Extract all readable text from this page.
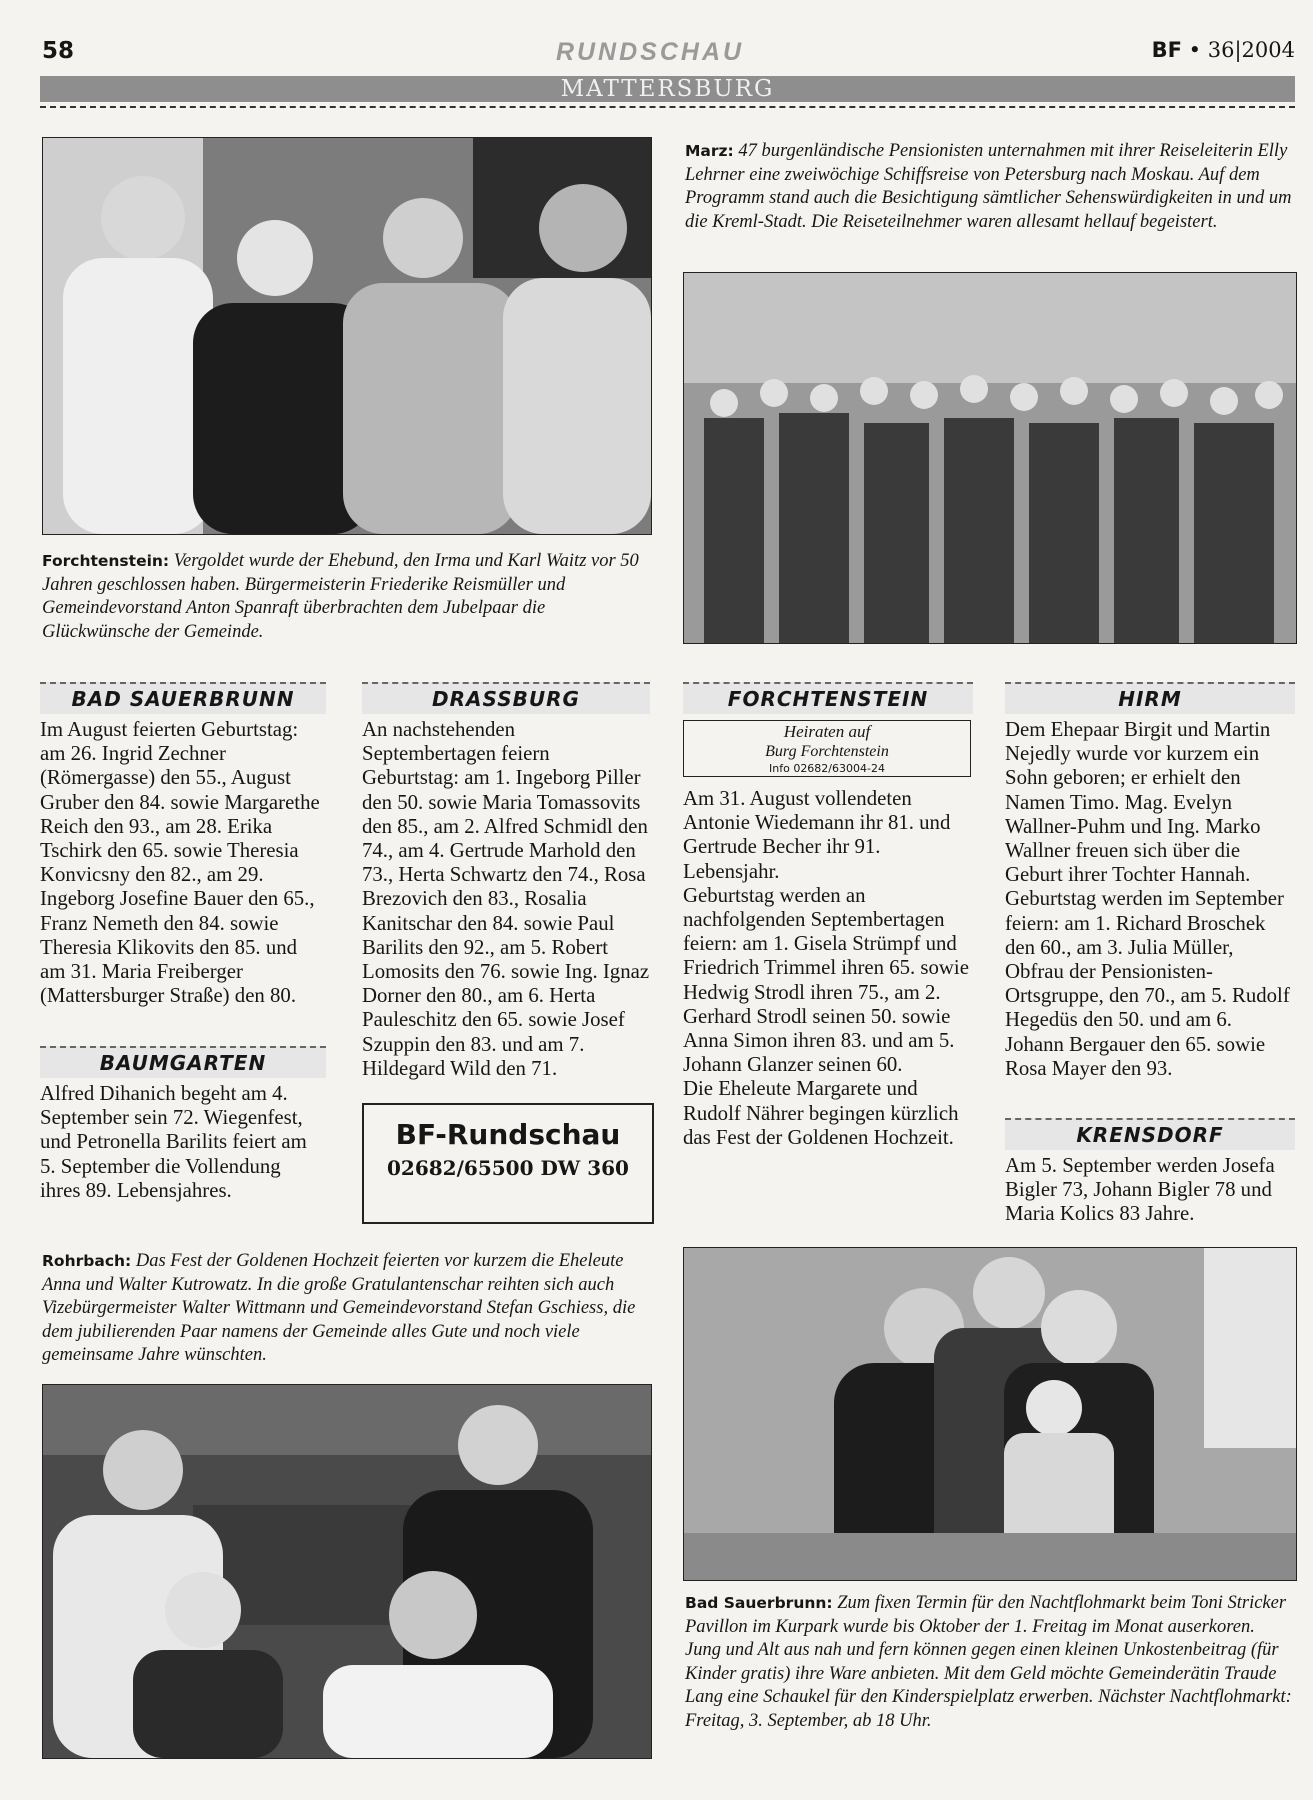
58	RUNDSCHAU	BF • 36|2004
MATTERSBURG
Forchtenstein: Vergoldet wurde der Ehebund, den Irma und Karl Waitz vor 50 Jahren geschlossen haben. Bürgermeisterin Friederike Reismüller und Gemeindevorstand Anton Spanraft überbrachten dem Jubelpaar die Glückwünsche der Gemeinde.
Marz: 47 burgenländische Pensionisten unternahmen mit ihrer Reiseleiterin Elly Lehrner eine zweiwöchige Schiffsreise von Petersburg nach Moskau. Auf dem Programm stand auch die Besichtigung sämtlicher Sehenswürdigkeiten in und um die Kreml-Stadt. Die Reiseteilnehmer waren allesamt hellauf begeistert.
BAD SAUERBRUNN

Im August feierten Geburtstag: am 26. Ingrid Zechner (Römergasse) den 55., August Gruber den 84. sowie Margarethe Reich den 93., am 28. Erika Tschirk den 65. sowie Theresia Konvicsny den 82., am 29. Ingeborg Josefine Bauer den 65., Franz Nemeth den 84. sowie Theresia Klikovits den 85. und am 31. Maria Freiberger (Mattersburger Straße) den 80.

BAUMGARTEN

Alfred Dihanich begeht am 4. September sein 72. Wiegenfest, und Petronella Barilits feiert am 5. September die Vollendung ihres 89. Lebensjahres.

DRASSBURG

An nachstehenden Septembertagen feiern Geburtstag: am 1. Ingeborg Piller den 50. sowie Maria Tomassovits den 85., am 2. Alfred Schmidl den 74., am 4. Gertrude Marhold den 73., Herta Schwartz den 74., Rosa Brezovich den 83., Rosalia Kanitschar den 84. sowie Paul Barilits den 92., am 5. Robert Lomosits den 76. sowie Ing. Ignaz Dorner den 80., am 6. Herta Pauleschitz den 65. sowie Josef Szuppin den 83. und am 7. Hildegard Wild den 71.

BF-Rundschau
02682/65500 DW 360
FORCHTENSTEIN
Heiraten auf
Burg Forchtenstein
Info 02682/63004-24

Am 31. August vollendeten Antonie Wiedemann ihr 81. und Gertrude Becher ihr 91. Lebensjahr.

Geburtstag werden an nachfolgenden Septembertagen feiern: am 1. Gisela Strümpf und Friedrich Trimmel ihren 65. sowie Hedwig Strodl ihren 75., am 2. Gerhard Strodl seinen 50. sowie Anna Simon ihren 83. und am 5. Johann Glanzer seinen 60.

Die Eheleute Margarete und Rudolf Nährer begingen kürzlich das Fest der Goldenen Hochzeit.

HIRM

Dem Ehepaar Birgit und Martin Nejedly wurde vor kurzem ein Sohn geboren; er erhielt den Namen Timo. Mag. Evelyn Wallner-Puhm und Ing. Marko Wallner freuen sich über die Geburt ihrer Tochter Hannah.

Geburtstag werden im September feiern: am 1. Richard Broschek den 60., am 3. Julia Müller, Obfrau der Pensionisten-Ortsgruppe, den 70., am 5. Rudolf Hegedüs den 50. und am 6. Johann Bergauer den 65. sowie Rosa Mayer den 93.

KRENSDORF

Am 5. September werden Josefa Bigler 73, Johann Bigler 78 und Maria Kolics 83 Jahre.

Rohrbach: Das Fest der Goldenen Hochzeit feierten vor kurzem die Eheleute Anna und Walter Kutrowatz. In die große Gratulantenschar reihten sich auch Vizebürgermeister Walter Wittmann und Gemeindevorstand Stefan Gschiess, die dem jubilierenden Paar namens der Gemeinde alles Gute und noch viele gemeinsame Jahre wünschten.
Bad Sauerbrunn: Zum fixen Termin für den Nachtflohmarkt beim Toni Stricker Pavillon im Kurpark wurde bis Oktober der 1. Freitag im Monat auserkoren. Jung und Alt aus nah und fern können gegen einen kleinen Unkostenbeitrag (für Kinder gratis) ihre Ware anbieten. Mit dem Geld möchte Gemeinderätin Traude Lang eine Schaukel für den Kinderspielplatz erwerben. Nächster Nachtflohmarkt: Freitag, 3. September, ab 18 Uhr.
